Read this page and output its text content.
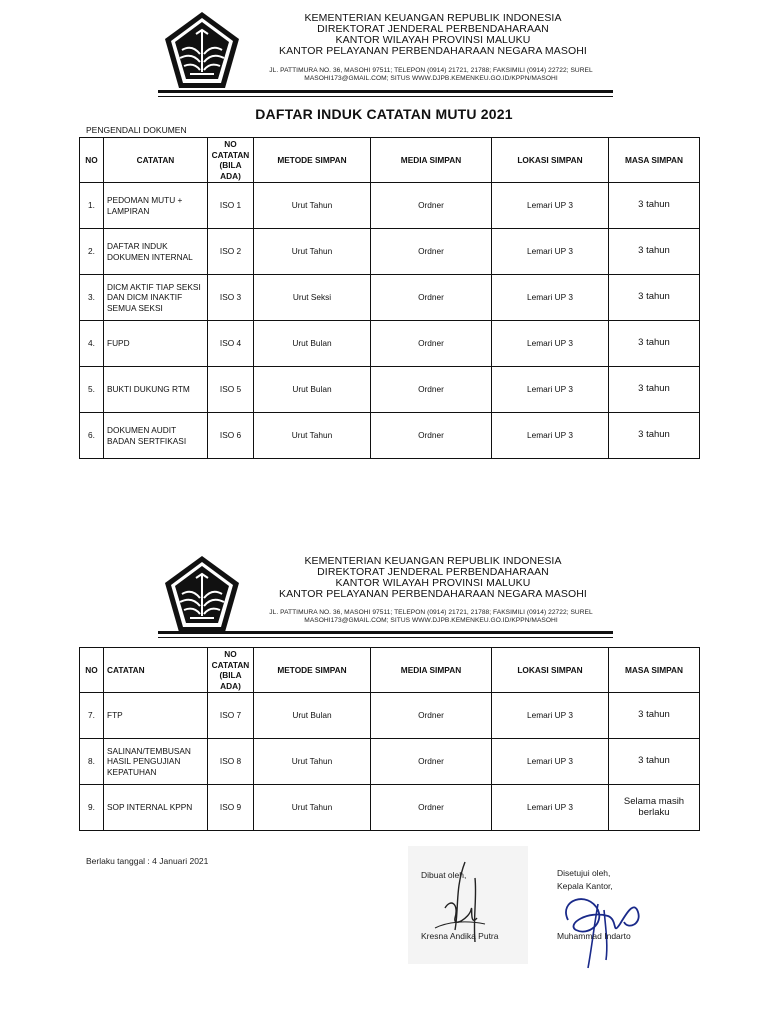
KEMENTERIAN KEUANGAN REPUBLIK INDONESIA
DIREKTORAT JENDERAL PERBENDAHARAAN
KANTOR WILAYAH PROVINSI MALUKU
KANTOR PELAYANAN PERBENDAHARAAN NEGARA MASOHI
JL. PATTIMURA NO. 36, MASOHI 97511; TELEPON (0914) 21721, 21788; FAKSIMILI (0914) 22722; SUREL
MASOHI173@GMAIL.COM; SITUS WWW.DJPB.KEMENKEU.GO.ID/KPPN/MASOHI
DAFTAR INDUK CATATAN MUTU 2021
PENGENDALI DOKUMEN
NO	CATATAN	NO
CATATAN
(BILA
ADA)	METODE SIMPAN	MEDIA SIMPAN	LOKASI SIMPAN	MASA SIMPAN

1.	PEDOMAN MUTU +
LAMPIRAN	ISO 1	Urut Tahun	Ordner	Lemari UP 3	3 tahun

2.	DAFTAR INDUK
DOKUMEN INTERNAL	ISO 2	Urut Tahun	Ordner	Lemari UP 3	3 tahun

3.	DICM AKTIF TIAP SEKSI
DAN DICM INAKTIF
SEMUA SEKSI	ISO 3	Urut Seksi	Ordner	Lemari UP 3	3 tahun

4.	FUPD	ISO 4	Urut Bulan	Ordner	Lemari UP 3	3 tahun

5.	BUKTI DUKUNG RTM	ISO 5	Urut Bulan	Ordner	Lemari UP 3	3 tahun

6.	DOKUMEN AUDIT
BADAN SERTFIKASI	ISO 6	Urut Tahun	Ordner	Lemari UP 3	3 tahun
KEMENTERIAN KEUANGAN REPUBLIK INDONESIA
DIREKTORAT JENDERAL PERBENDAHARAAN
KANTOR WILAYAH PROVINSI MALUKU
KANTOR PELAYANAN PERBENDAHARAAN NEGARA MASOHI
JL. PATTIMURA NO. 36, MASOHI 97511; TELEPON (0914) 21721, 21788; FAKSIMILI (0914) 22722; SUREL
MASOHI173@GMAIL.COM; SITUS WWW.DJPB.KEMENKEU.GO.ID/KPPN/MASOHI
NO	CATATAN	NO
CATATAN
(BILA
ADA)	METODE SIMPAN	MEDIA SIMPAN	LOKASI SIMPAN	MASA SIMPAN

7.	FTP	ISO 7	Urut Bulan	Ordner	Lemari UP 3	3 tahun

8.	SALINAN/TEMBUSAN
HASIL PENGUJIAN
KEPATUHAN	ISO 8	Urut Tahun	Ordner	Lemari UP 3	3 tahun

9.	SOP INTERNAL KPPN	ISO 9	Urut Tahun	Ordner	Lemari UP 3	Selama masih
berlaku
Berlaku tanggal : 4 Januari 2021
Dibuat oleh,
Kresna Andika Putra
Disetujui oleh,
Kepala Kantor,
Muhammad Indarto
